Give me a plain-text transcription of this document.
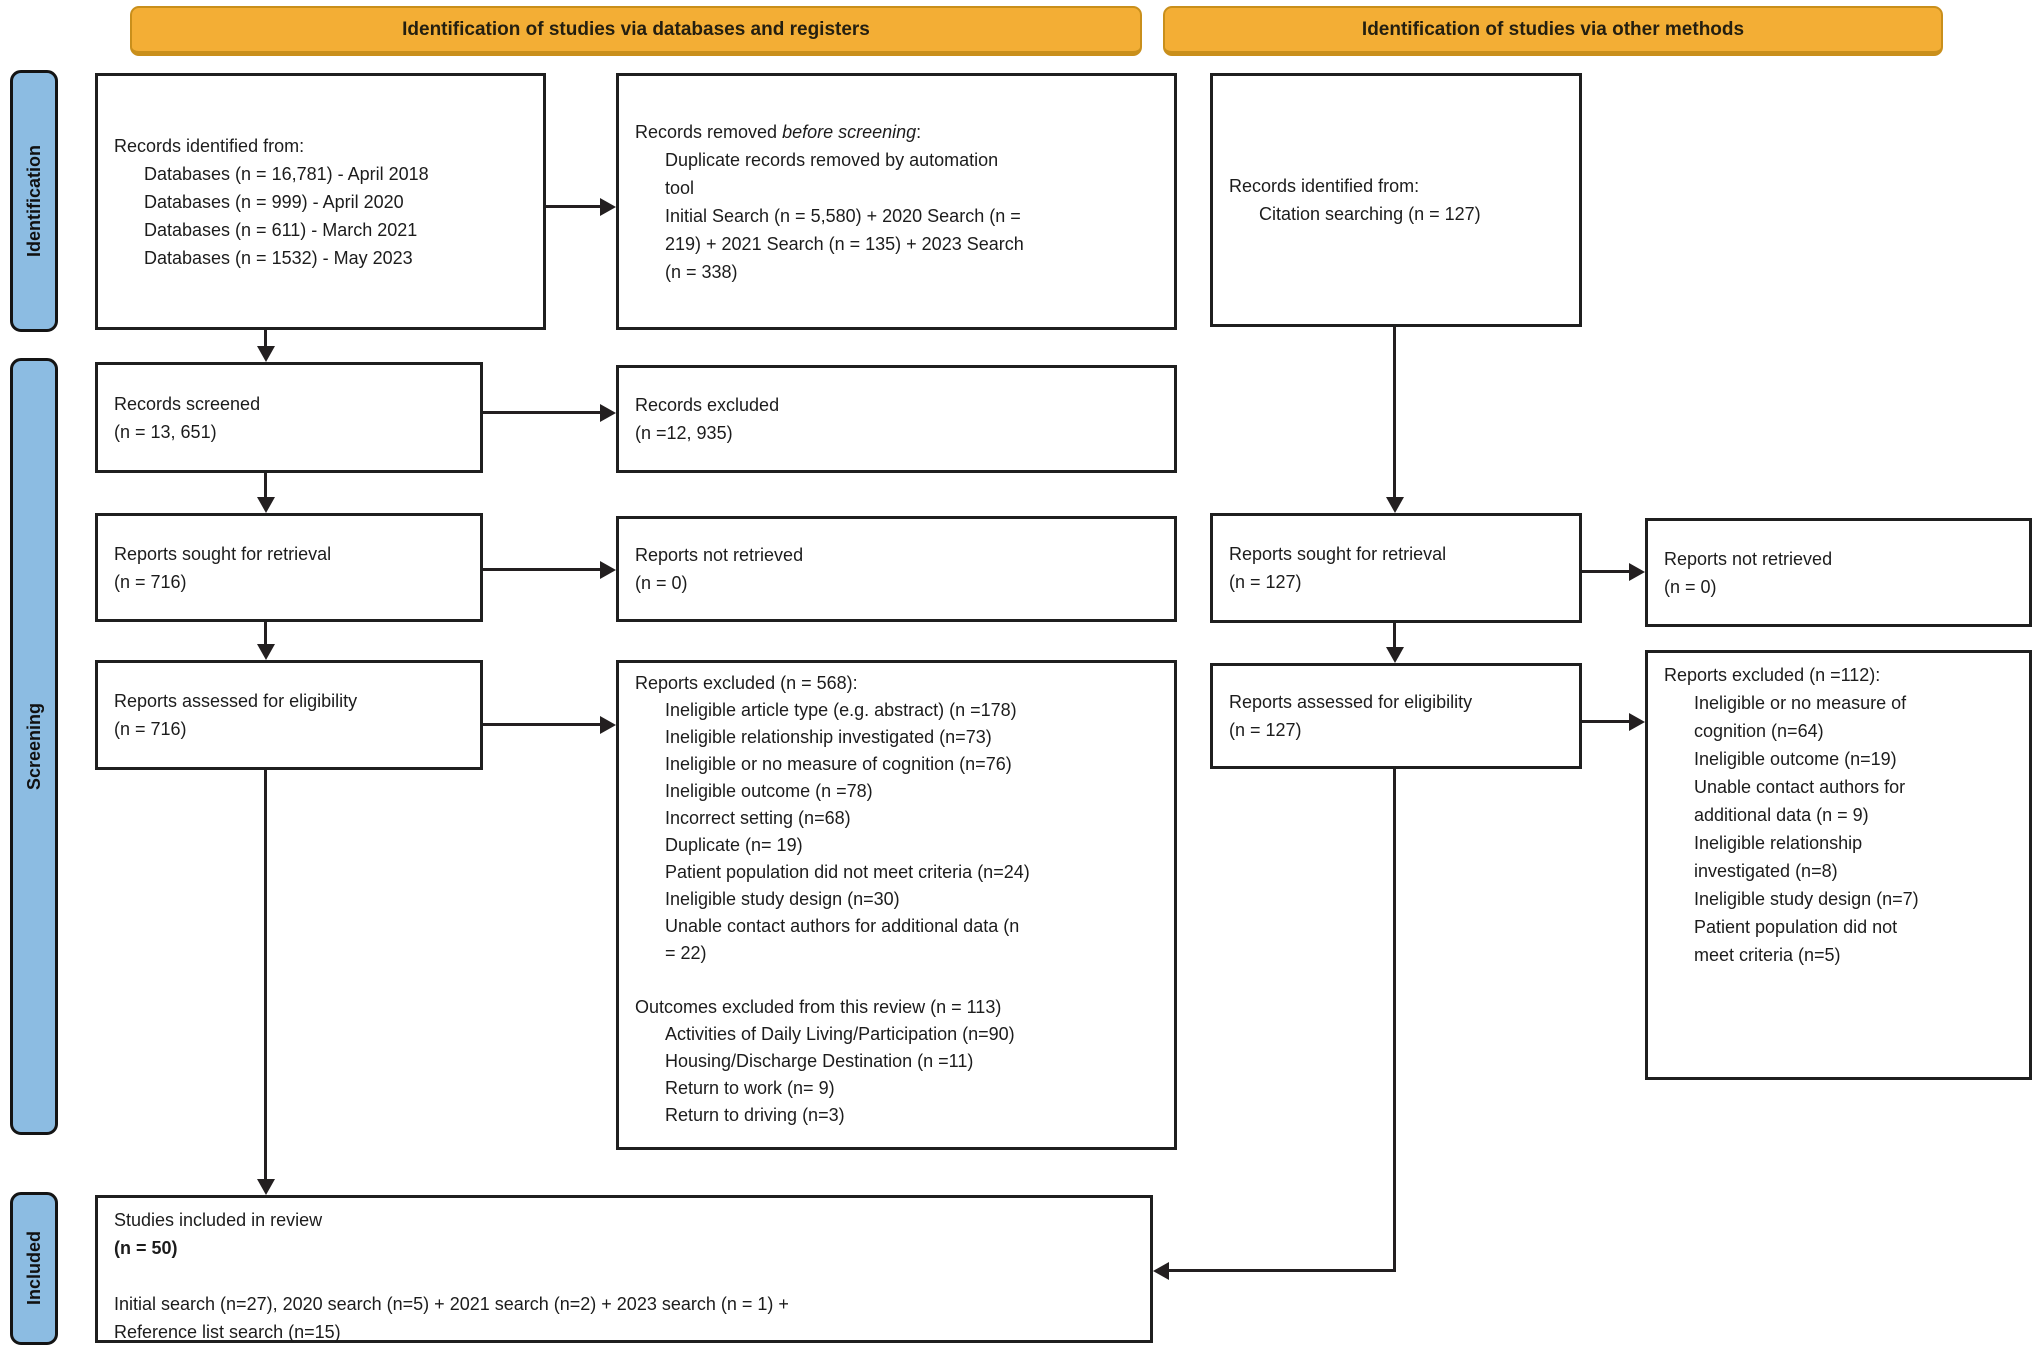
Identification of studies via databases and registers	Identification of studies via other methods
Identification
Screening
Included
Records identified from:
Databases (n = 16,781) - April 2018
Databases (n = 999) - April 2020
Databases (n = 611) - March 2021
Databases (n = 1532) - May 2023
Records removed before screening:
Duplicate records removed by automation
tool
Initial Search (n = 5,580) + 2020 Search (n =
219) + 2021 Search (n = 135) + 2023 Search
(n = 338)
Records screened
(n = 13, 651)
Records excluded
(n =12, 935)
Reports sought for retrieval
(n = 716)
Reports not retrieved
(n = 0)
Reports assessed for eligibility
(n = 716)
Reports excluded (n = 568):
Ineligible article type (e.g. abstract) (n =178)
Ineligible relationship investigated (n=73)
Ineligible or no measure of cognition (n=76)
Ineligible outcome (n =78)
Incorrect setting (n=68)
Duplicate (n= 19)
Patient population did not meet criteria (n=24)
Ineligible study design (n=30)
Unable contact authors for additional data (n
= 22)

Outcomes excluded from this review (n = 113)
Activities of Daily Living/Participation (n=90)
Housing/Discharge Destination (n =11)
Return to work (n= 9)
Return to driving (n=3)
Records identified from:
Citation searching (n = 127)
Reports sought for retrieval
(n = 127)
Reports not retrieved
(n = 0)
Reports assessed for eligibility
(n = 127)
Reports excluded (n =112):
Ineligible or no measure of
cognition (n=64)
Ineligible outcome (n=19)
Unable contact authors for
additional data (n = 9)
Ineligible relationship
investigated (n=8)
Ineligible study design (n=7)
Patient population did not
meet criteria (n=5)
Studies included in review
(n = 50)

Initial search (n=27), 2020 search (n=5) + 2021 search (n=2) + 2023 search (n = 1) +
Reference list search (n=15)
